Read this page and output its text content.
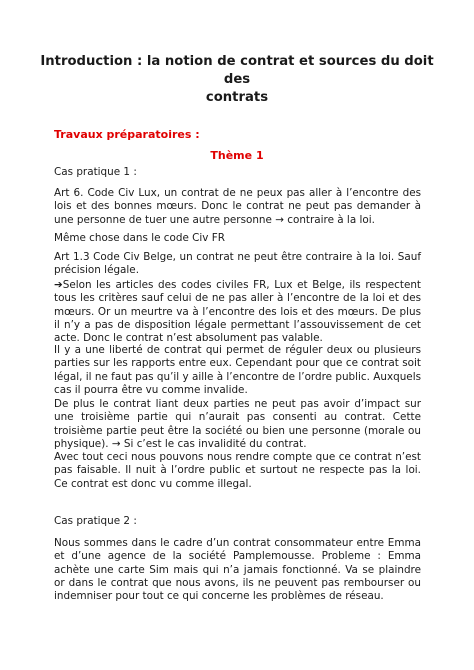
Introduction : la notion de contrat et sources du doit des
contrats
Travaux préparatoires :
Thème 1

Cas pratique 1 :

Art 6. Code Civ Lux, un contrat de ne peux pas aller à l’encontre des lois et des bonnes mœurs. Donc le contrat ne peut pas demander à une personne de tuer une autre personne → contraire à la loi.

Même chose dans le code Civ FR

Art 1.3 Code Civ Belge, un contrat ne peut être contraire à la loi. Sauf précision légale.

➔Selon les articles des codes civiles FR, Lux et Belge, ils respectent tous les critères sauf celui de ne pas aller à l’encontre de la loi et des mœurs. Or un meurtre va à l’encontre des lois et des mœurs. De plus il n’y a pas de disposition légale permettant l’assouvissement de cet acte. Donc le contrat n’est absolument pas valable.

Il y a une liberté de contrat qui permet de réguler deux ou plusieurs parties sur les rapports entre eux. Cependant pour que ce contrat soit légal, il ne faut pas qu’il y aille à l’encontre de l’ordre public. Auxquels cas il pourra être vu comme invalide.

De plus le contrat liant deux parties ne peut pas avoir d’impact sur une troisième partie qui n’aurait pas consenti au contrat. Cette troisième partie peut être la société ou bien une personne (morale ou physique). → Si c’est le cas invalidité du contrat.

Avec tout ceci nous pouvons nous rendre compte que ce contrat n’est pas faisable. Il nuit à l’ordre public et surtout ne respecte pas la loi. Ce contrat est donc vu comme illegal.

Cas pratique 2 :

Nous sommes dans le cadre d’un contrat consommateur entre Emma et d’une agence de la société Pamplemousse. Probleme : Emma achète une carte Sim mais qui n’a jamais fonctionné. Va se plaindre or dans le contrat que nous avons, ils ne peuvent pas rembourser ou indemniser pour tout ce qui concerne les problèmes de réseau.
